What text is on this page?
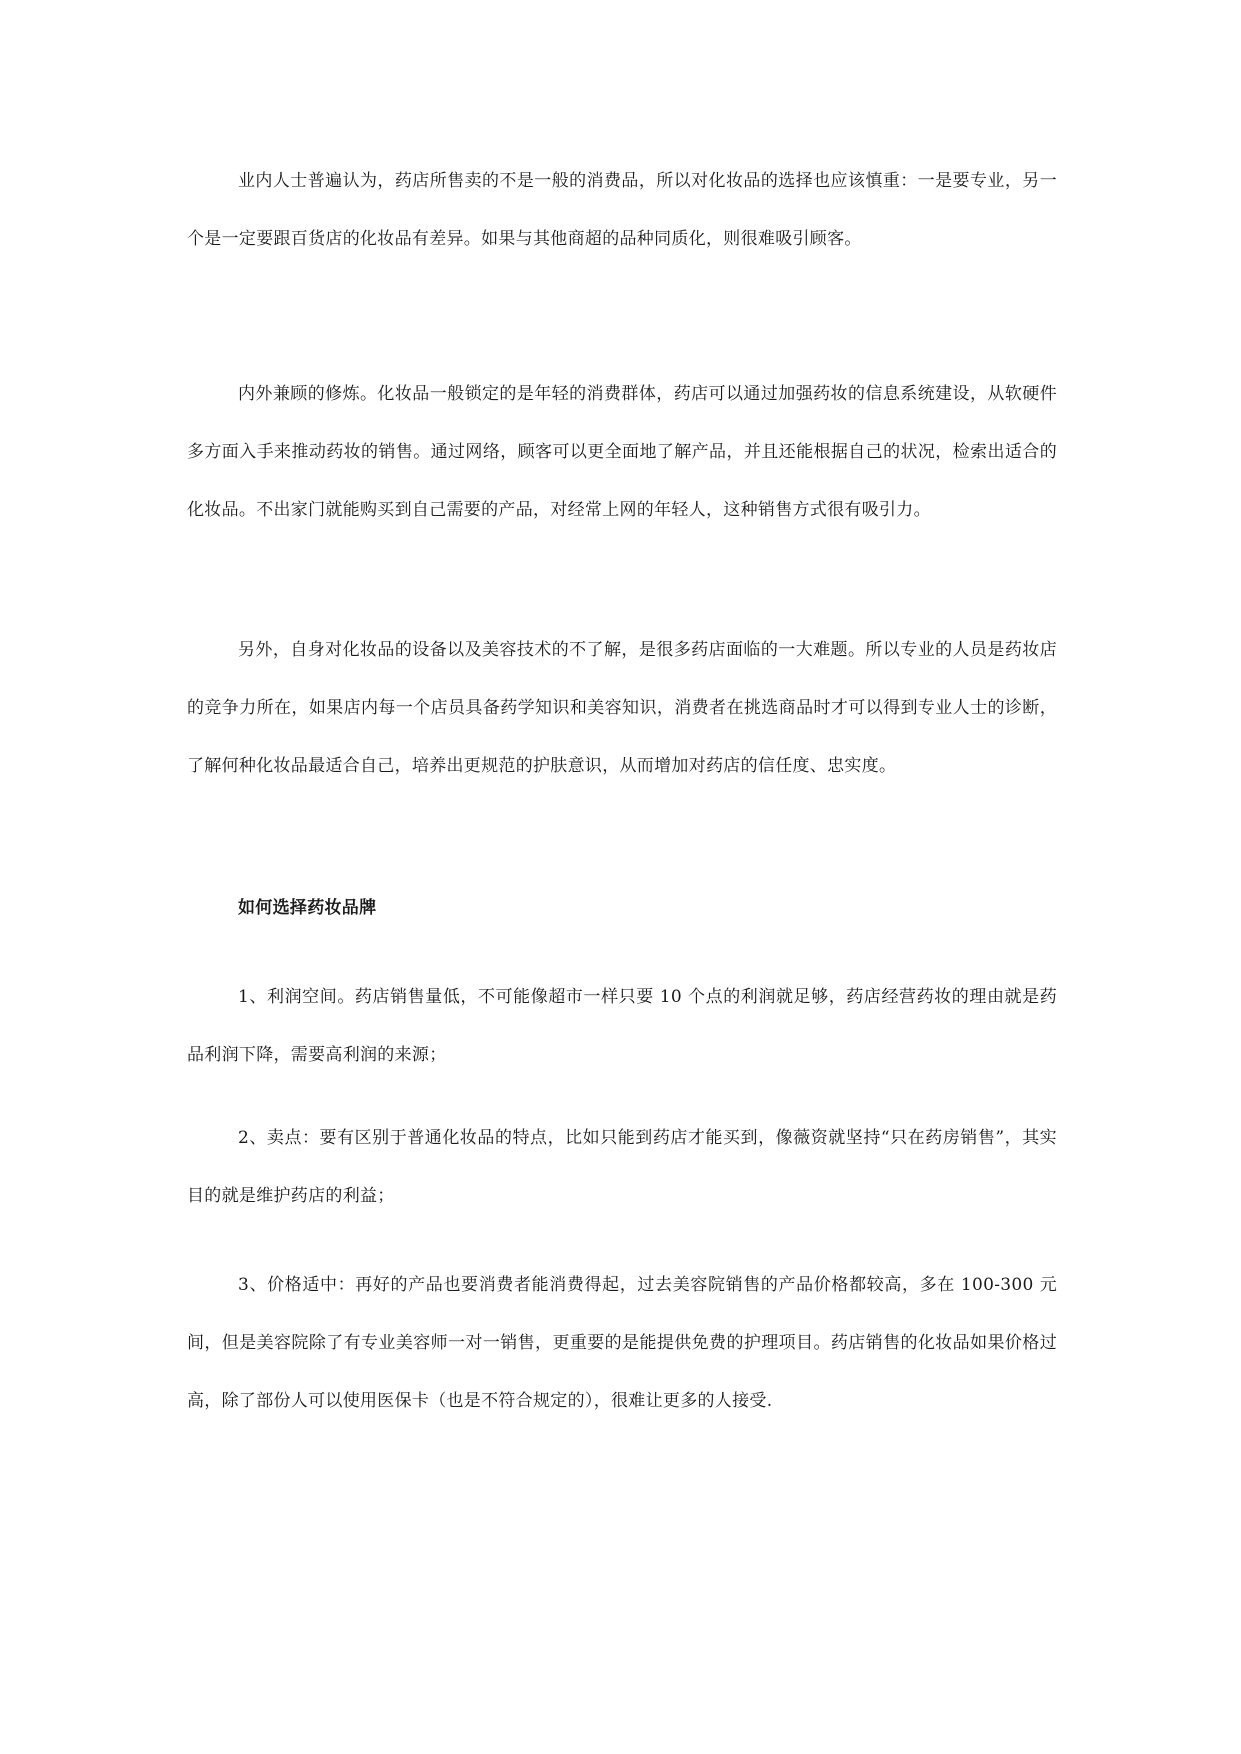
业内人士普遍认为，药店所售卖的不是一般的消费品，所以对化妆品的选择也应该慎重：一是要专业，另一个是一定要跟百货店的化妆品有差异。如果与其他商超的品种同质化，则很难吸引顾客。

内外兼顾的修炼。化妆品一般锁定的是年轻的消费群体，药店可以通过加强药妆的信息系统建设，从软硬件多方面入手来推动药妆的销售。通过网络，顾客可以更全面地了解产品，并且还能根据自己的状况，检索出适合的化妆品。不出家门就能购买到自己需要的产品，对经常上网的年轻人，这种销售方式很有吸引力。

另外，自身对化妆品的设备以及美容技术的不了解，是很多药店面临的一大难题。所以专业的人员是药妆店的竞争力所在，如果店内每一个店员具备药学知识和美容知识，消费者在挑选商品时才可以得到专业人士的诊断，了解何种化妆品最适合自己，培养出更规范的护肤意识，从而增加对药店的信任度、忠实度。

如何选择药妆品牌

1、利润空间。药店销售量低，不可能像超市一样只要 10 个点的利润就足够，药店经营药妆的理由就是药品利润下降，需要高利润的来源；

2、卖点：要有区别于普通化妆品的特点，比如只能到药店才能买到，像薇资就坚持“只在药房销售”，其实目的就是维护药店的利益；

3、价格适中：再好的产品也要消费者能消费得起，过去美容院销售的产品价格都较高，多在 100-300 元间，但是美容院除了有专业美容师一对一销售，更重要的是能提供免费的护理项目。药店销售的化妆品如果价格过高，除了部份人可以使用医保卡（也是不符合规定的），很难让更多的人接受.
